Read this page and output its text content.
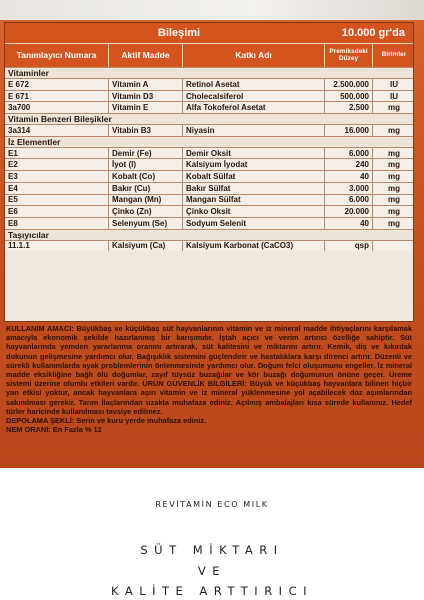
Bileşimi	10.000 gr'da
Tanımlayıcı Numara	Aktif Madde	Katkı Adı	Premiksdeki Düzey	Birimler
Vitaminler
E 672	Vitamin A	Retinol Asetat	2.500.000	IU
E 671	Vitamin D3	Cholecalsiferol	500.000	IU
3a700	Vitamin E	Alfa Tokoferol Asetat	2.500	mg
Vitamin Benzeri Bileşikler
3a314	Vitabin B3	Niyasin	16.000	mg
İz Elementler
E1	Demir (Fe)	Demir Oksit	6.000	mg
E2	İyot (I)	Kalsiyum İyodat	240	mg
E3	Kobalt (Co)	Kobalt Sülfat	40	mg
E4	Bakır (Cu)	Bakır Sülfat	3.000	mg
E5	Mangan (Mn)	Mangan Sülfat	6.000	mg
E6	Çinko (Zn)	Çinko Oksit	20.000	mg
E8	Selenyum (Se)	Sodyum Selenit	40	mg
Taşıyıcılar
11.1.1	Kalsiyum (Ca)	Kalsiyum Karbonat (CaCO3)	qsp
KULLANIM AMACI: Büyükbaş ve küçükbaş süt hayvanlarının vitamin ve iz mineral madde ihtiyaçlarını karşılamak amacıyla ekonomik şekilde hazırlanmış bir karışımdır. İştah açıcı ve verim artırıcı özelliğe sahiptir. Süt hayvanlarında yemden yararlanma oranını artırarak, süt kalitesini ve miktarını artırır. Kemik, diş ve kıkırdak dokunun gelişmesine yardımcı olur. Bağışıklık sistemini güçlendirir ve hastalıklara karşı direnci artırır. Düzenli ve sürekli kullanımlarda ayak problemlerinin önlenmesinde yardımcı olur. Doğum felci oluşumunu engeller. İz mineral madde eksikliğine bağlı ölü doğumlar, zayıf tüysüz buzağılar ve kör buzağı doğumunun önüne geçer. Üreme sistemi üzerine olumlu etkileri vardır. ÜRÜN GÜVENLİK BİLGİLERİ: Büyük ve küçükbaş hayvanlara bilinen hiçbir yan etkisi yoktur, ancak hayvanlara aşırı vitamin ve iz mineral yüklenmesine yol açabilecek doz aşımlarından sakınılması gerekir. Tarım İlaçlarından uzakta muhafaza ediniz. Açılmış ambalajları kısa sürede kullanınız. Hedef türler haricinde kullanılması tavsiye edilmez.
DEPOLAMA ŞEKLİ: Serin ve kuru yerde muhafaza ediniz.
NEM ORANI: En Fazla % 12
REVİTAMİN ECO MILK
SÜT MİKTARI
VE
KALİTE ARTTIRICI
